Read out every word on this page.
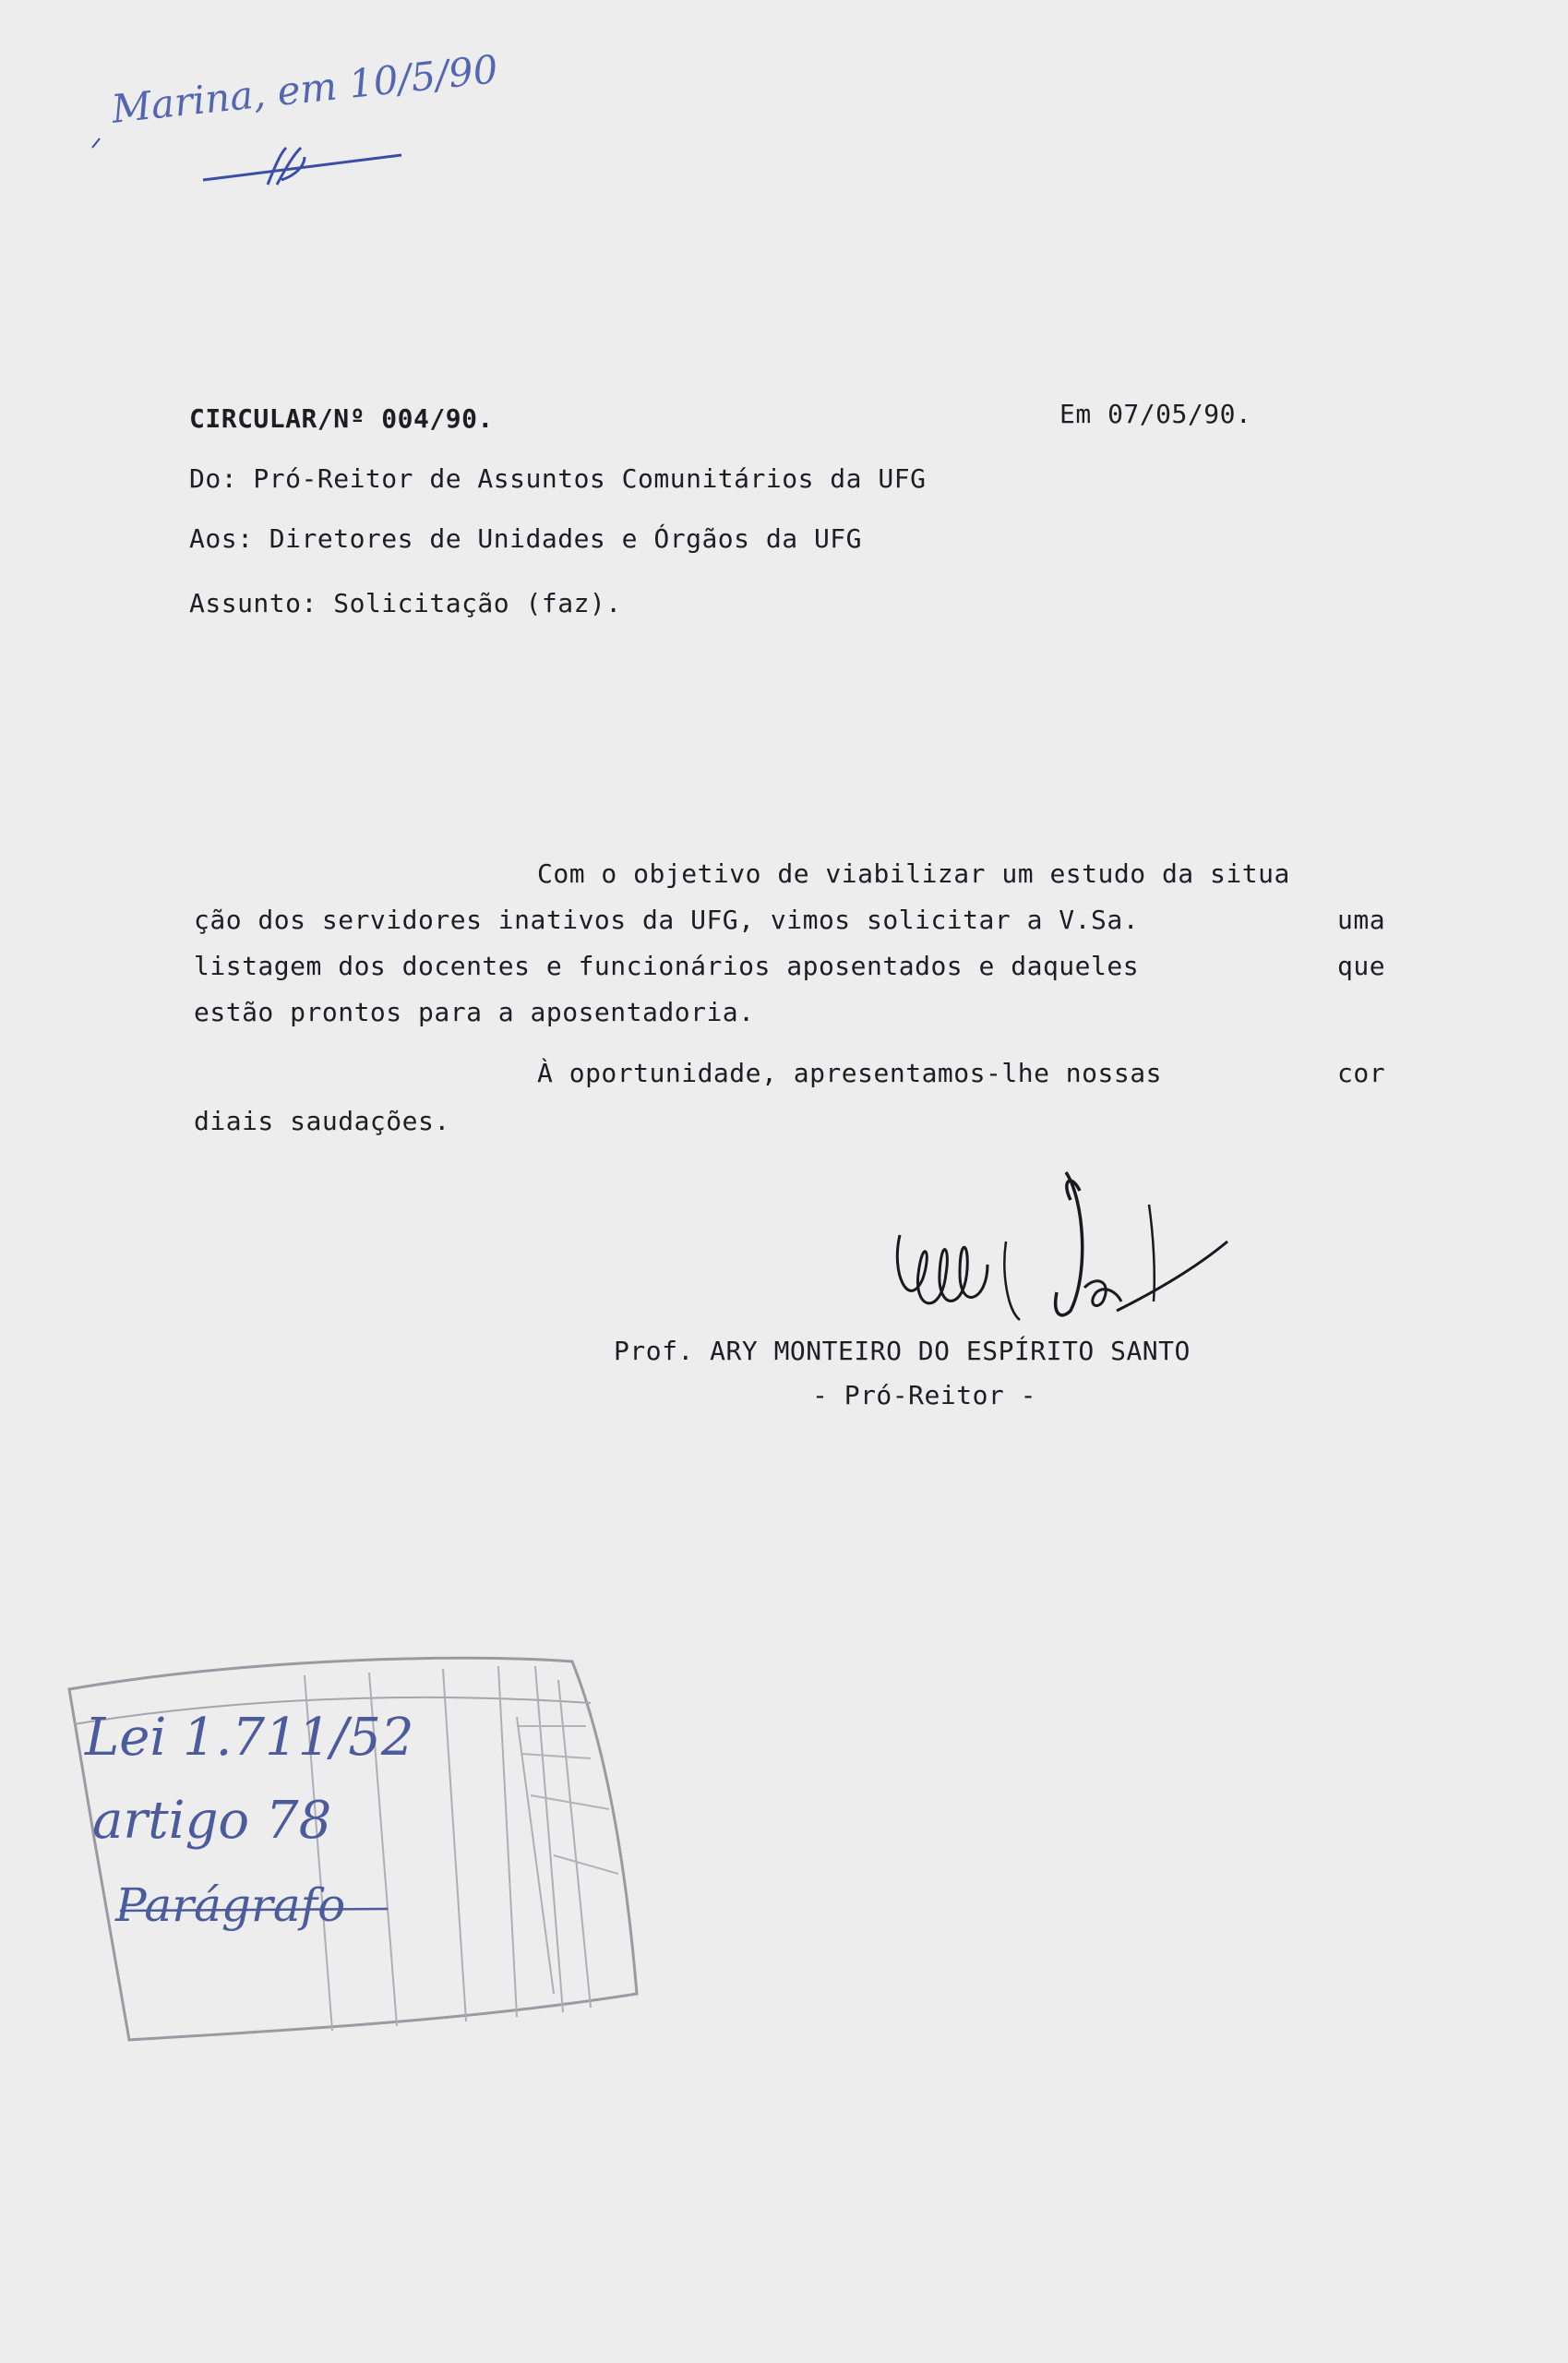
Marina, em 10/5/90
CIRCULAR/Nº 004/90.	Em 07/05/90.
Do: Pró-Reitor de Assuntos Comunitários da UFG
Aos: Diretores de Unidades e Órgãos da UFG
Assunto: Solicitação (faz).
Com o objetivo de viabilizar um estudo da situa
ção dos servidores inativos da UFG, vimos solicitar a V.Sa.	uma
listagem dos docentes e funcionários aposentados e daqueles	que
estão prontos para a aposentadoria.
À oportunidade, apresentamos-lhe nossas	cor
diais saudações.
Prof. ARY MONTEIRO DO ESPÍRITO SANTO
- Pró-Reitor -
Lei 1.711/52
artigo 78
Parágrafo
